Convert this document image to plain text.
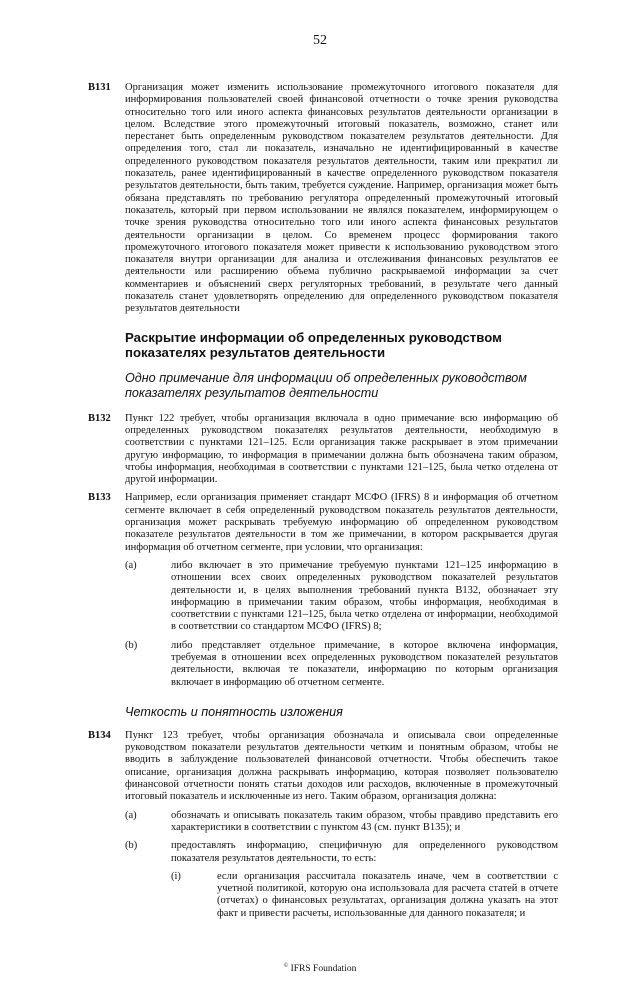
52
B131	Организация может изменить использование промежуточного итогового показателя для информирования пользователей своей финансовой отчетности о точке зрения руководства относительно того или иного аспекта финансовых результатов деятельности организации в целом. Вследствие этого промежуточный итоговый показатель, возможно, станет или перестанет быть определенным руководством показателем результатов деятельности. Для определения того, стал ли показатель, изначально не идентифицированный в качестве определенного руководством показателя результатов деятельности, таким или прекратил ли показатель, ранее идентифицированный в качестве определенного руководством показателя результатов деятельности, быть таким, требуется суждение. Например, организация может быть обязана представлять по требованию регулятора определенный промежуточный итоговый показатель, который при первом использовании не являлся показателем, информирующем о точке зрения руководства относительно того или иного аспекта финансовых результатов деятельности организации в целом. Со временем процесс формирования такого промежуточного итогового показателя может привести к использованию руководством этого показателя внутри организации для анализа и отслеживания финансовых результатов ее деятельности или расширению объема публично раскрываемой информации за счет комментариев и объяснений сверх регуляторных требований, в результате чего данный показатель станет удовлетворять определению для определенного руководством показателя результатов деятельности
Раскрытие информации об определенных руководством показателях результатов деятельности
Одно примечание для информации об определенных руководством показателях результатов деятельности
B132	Пункт 122 требует, чтобы организация включала в одно примечание всю информацию об определенных руководством показателях результатов деятельности, необходимую в соответствии с пунктами 121–125. Если организация также раскрывает в этом примечании другую информацию, то информация в примечании должна быть обозначена таким образом, чтобы информация, необходимая в соответствии с пунктами 121–125, была четко отделена от другой информации.
B133	Например, если организация применяет стандарт МСФО (IFRS) 8 и информация об отчетном сегменте включает в себя определенный руководством показатель результатов деятельности, организация может раскрывать требуемую информацию об определенном руководством показателе результатов деятельности в том же примечании, в котором раскрывается другая информация об отчетном сегменте, при условии, что организация:
(a)	либо включает в это примечание требуемую пунктами 121–125 информацию в отношении всех своих определенных руководством показателей результатов деятельности и, в целях выполнения требований пункта B132, обозначает эту информацию в примечании таким образом, чтобы информация, необходимая в соответствии с пунктами 121–125, была четко отделена от информации, необходимой в соответствии со стандартом МСФО (IFRS) 8;
(b)	либо представляет отдельное примечание, в которое включена информация, требуемая в отношении всех определенных руководством показателей результатов деятельности, включая те показатели, информацию по которым организация включает в информацию об отчетном сегменте.
Четкость и понятность изложения
B134	Пункт 123 требует, чтобы организация обозначала и описывала свои определенные руководством показатели результатов деятельности четким и понятным образом, чтобы не вводить в заблуждение пользователей финансовой отчетности. Чтобы обеспечить такое описание, организация должна раскрывать информацию, которая позволяет пользователю финансовой отчетности понять статьи доходов или расходов, включенные в промежуточный итоговый показатель и исключенные из него. Таким образом, организация должна:
(a)	обозначать и описывать показатель таким образом, чтобы правдиво представить его характеристики в соответствии с пунктом 43 (см. пункт B135); и
(b)	предоставлять информацию, специфичную для определенного руководством показателя результатов деятельности, то есть:
(i)	если организация рассчитала показатель иначе, чем в соответствии с учетной политикой, которую она использовала для расчета статей в отчете (отчетах) о финансовых результатах, организация должна указать на этот факт и привести расчеты, использованные для данного показателя; и
© IFRS Foundation
